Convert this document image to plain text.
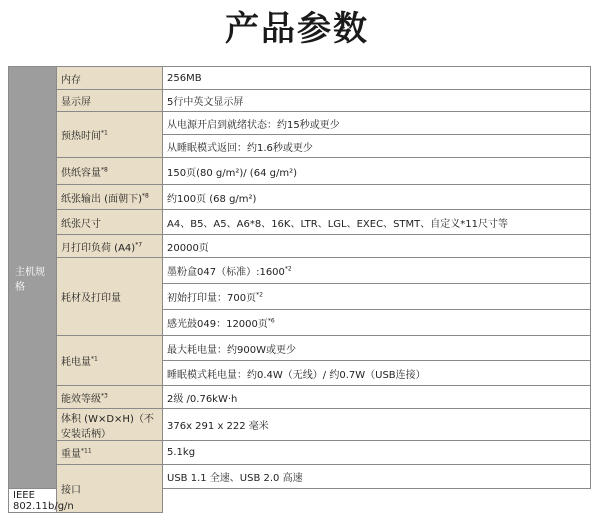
产品参数
主机规格	内存	256MB
	显示屏	5行中英文显示屏
	预热时间$^{*1}$	从电源开启到就绪状态：约15秒或更少
		从睡眠模式返回：约1.6秒或更少
	供纸容量$^{*8}$	150页(80 g/m²)/ (64 g/m²)
	纸张输出 (面朝下)$^{*8}$	约100页 (68 g/m²)
	纸张尺寸	A4、B5、A5、A6*8、16K、LTR、LGL、EXEC、STMT、自定义*11尺寸等
	月打印负荷 $(A4)^{*7}$	20000页
	耗材及打印量	墨粉盒047（标准）:1600$^{*2}$
		初始打印量：700页$^{*2}$
		感光鼓049：12000页$^{*6}$
	耗电量$^{*1}$	最大耗电量：约900W或更少
		睡眠模式耗电量：约0.4W（无线）/ 约0.7W（USB连接）
	能效等级$^{*3}$	2级 /0.76kW·h
	体积 (W×D×H)（不安装话柄）	376x 291 x 222 毫米
	重量$^{*11}$	5.1kg
	接口	USB 1.1 全速、USB 2.0 高速
IEEE 802.11b/g/n		
